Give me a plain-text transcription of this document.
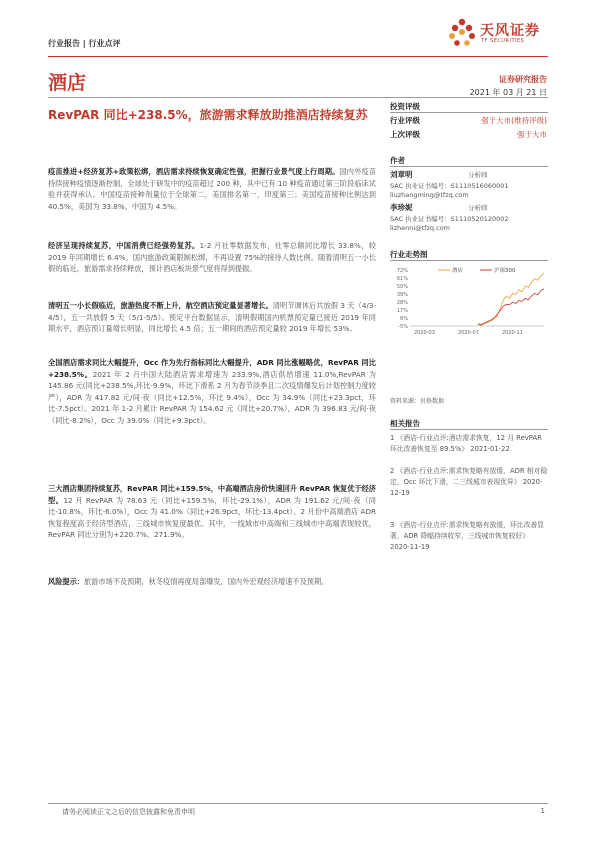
天风证券
TF SECURITIES
行业报告 | 行业点评
酒店	证券研究报告
2021 年 03 月 21 日
RevPAR 同比+238.5%，旅游需求释放助推酒店持续复苏
疫苗推进+经济复苏+政策松绑，酒店需求持续恢复确定性强，把握行业景气度上行周期。国内外疫苗持续接种疫情逐渐控制，全球处于研发中的疫苗超过 200 种，其中已有 10 种疫苗通过第三阶段临床试验并获得承认。中国疫苗接种剂量位于全球第二，美国排名第一，印度第三；美国疫苗接种比例达到 40.5%，美国为 33.8%，中国为 4.5%。
经济呈现持续复苏，中国消费已经强势复苏。1-2 月社零数据发布，社零总额同比增长 33.8%，较 2019 年同期增长 6.4%。国内旅游政策限制松绑，不再设置 75%的接待人数比例。随着清明五一小长假的临近，旅游需求持续释放，预计酒店板块景气度将得到提振。
清明五一小长假临近，旅游热度不断上升，航空酒店预定量显著增长。清明节调休后共放假 3 天（4/3-4/5），五一共放假 5 天（5/1-5/5）。预定平台数据显示，清明假期国内机票预定量已接近 2019 年同期水平，酒店预订量增长明显，同比增长 4.5 倍；五一期间的酒店预定量较 2019 年增长 53%。
全国酒店需求同比大幅提升，Occ 作为先行指标同比大幅提升，ADR 同比涨幅略优，RevPAR 同比+238.5%。2021 年 2 月中国大陆酒店需求增速为 233.9%,酒店供给增速 11.0%,RevPAR 为 145.86 元(同比+238.5%,环比-9.9%，环比下滑系 2 月为春节淡季且二次疫情爆发后计划控制力度较严），ADR 为 417.82 元/间·夜（同比+12.5%，环比 9.4%），Occ 为 34.9%（同比+23.3pct，环比-7.5pct）。2021 年 1-2 月累计 RevPAR 为 154.62 元（同比+20.7%），ADR 为 396.83 元/间·夜（同比-8.2%），Occ 为 39.0%（同比+9.3pct）。
三大酒店集团持续复苏，RevPAR 同比+159.5%，中高端酒店房价快速回升 RevPAR 恢复优于经济型。12 月 RevPAR 为 78.63 元（同比+159.5%，环比-29.1%），ADR 为 191.62 元/间·夜（同比-10.8%，环比-6.0%），Occ 为 41.0%（同比+26.9pct，环比-13.4pct）。2 月份中高端酒店 ADR 恢复程度高于经济型酒店，三线城市恢复度最优。其中，一线城市中高端和三线城市中高端表现较优，RevPAR 同比分别为+220.7%、271.9%。
风险提示：旅游市场不及预期，秋冬疫情再度局部爆发，国内外宏观经济增速不及预期。
投资评级
行业评级	强于大市(维持评级)
上次评级	强于大市
作者
刘章明	分析师
SAC 执业证书编号：S1110516060001
liuzhangming@tfzq.com
李珍妮	分析师
SAC 执业证书编号：S1110520120002
lizhenni@tfzq.com
行业走势图
72%
61%
50%
39%
28%
17%
6%
-5%
2020-03	2020-07	2020-11
酒店	沪深300
资料来源：贝格数据
相关报告
1 《酒店-行业点评:酒店需求恢复，12 月 RevPAR 环比改善恢复至 89.5%》 2021-01-22
2 《酒店-行业点评:需求恢复略有放缓，ADR 相对稳定，Occ 环比下滑，二三线城市表现优异》 2020-12-19
3 《酒店-行业点评:需求恢复略有放缓，环比改善显著，ADR 降幅持续收窄，三线城市恢复较好》 2020-11-19
请务必阅读正文之后的信息披露和免责申明	1
